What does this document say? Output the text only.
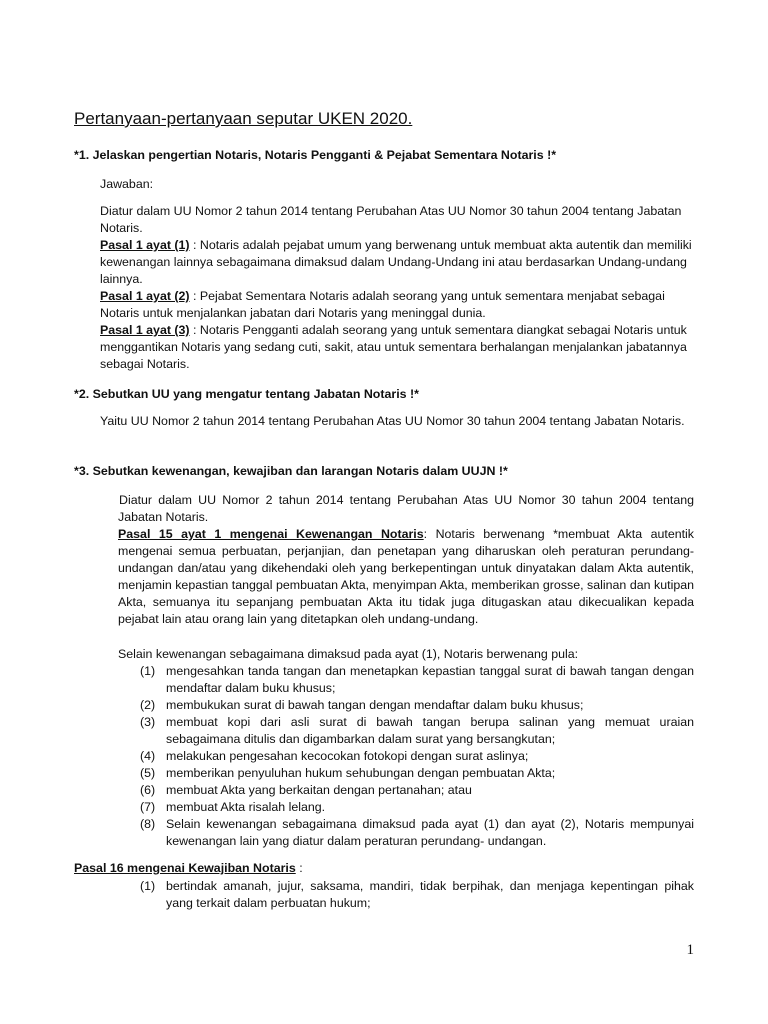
Pertanyaan-pertanyaan seputar UKEN 2020.

*1. Jelaskan pengertian Notaris, Notaris Pengganti & Pejabat Sementara Notaris !*

Jawaban:

Diatur dalam UU Nomor 2 tahun 2014 tentang Perubahan Atas UU Nomor 30 tahun 2004 tentang Jabatan Notaris.

Pasal 1 ayat (1) : Notaris adalah pejabat umum yang berwenang untuk membuat akta autentik dan memiliki kewenangan lainnya sebagaimana dimaksud dalam Undang-Undang ini atau berdasarkan Undang-undang lainnya.

Pasal 1 ayat (2) : Pejabat Sementara Notaris adalah seorang yang untuk sementara menjabat sebagai Notaris untuk menjalankan jabatan dari Notaris yang meninggal dunia.

Pasal 1 ayat (3) : Notaris Pengganti adalah seorang yang untuk sementara diangkat sebagai Notaris untuk menggantikan Notaris yang sedang cuti, sakit, atau untuk sementara berhalangan menjalankan jabatannya sebagai Notaris.

*2. Sebutkan UU yang mengatur tentang Jabatan Notaris !*

Yaitu UU Nomor 2 tahun 2014 tentang Perubahan Atas UU Nomor 30 tahun 2004 tentang Jabatan Notaris.

*3. Sebutkan kewenangan, kewajiban dan larangan Notaris dalam UUJN !*

Diatur dalam UU Nomor 2 tahun 2014 tentang Perubahan Atas UU Nomor 30 tahun 2004 tentang Jabatan Notaris.

Pasal 15 ayat 1 mengenai Kewenangan Notaris: Notaris berwenang *membuat Akta autentik mengenai semua perbuatan, perjanjian, dan penetapan yang diharuskan oleh peraturan perundang-undangan dan/atau yang dikehendaki oleh yang berkepentingan untuk dinyatakan dalam Akta autentik, menjamin kepastian tanggal pembuatan Akta, menyimpan Akta, memberikan grosse, salinan dan kutipan Akta, semuanya itu sepanjang pembuatan Akta itu tidak juga ditugaskan atau dikecualikan kepada pejabat lain atau orang lain yang ditetapkan oleh undang-undang.

Selain kewenangan sebagaimana dimaksud pada ayat (1), Notaris berwenang pula:

(1) mengesahkan tanda tangan dan menetapkan kepastian tanggal surat di bawah tangan dengan mendaftar dalam buku khusus;
(2) membukukan surat di bawah tangan dengan mendaftar dalam buku khusus;
(3) membuat kopi dari asli surat di bawah tangan berupa salinan yang memuat uraian sebagaimana ditulis dan digambarkan dalam surat yang bersangkutan;
(4) melakukan pengesahan kecocokan fotokopi dengan surat aslinya;
(5) memberikan penyuluhan hukum sehubungan dengan pembuatan Akta;
(6) membuat Akta yang berkaitan dengan pertanahan; atau
(7) membuat Akta risalah lelang.
(8) Selain kewenangan sebagaimana dimaksud pada ayat (1) dan ayat (2), Notaris mempunyai kewenangan lain yang diatur dalam peraturan perundang- undangan.

Pasal 16 mengenai Kewajiban Notaris :

(1) bertindak amanah, jujur, saksama, mandiri, tidak berpihak, dan menjaga kepentingan pihak yang terkait dalam perbuatan hukum;
1
